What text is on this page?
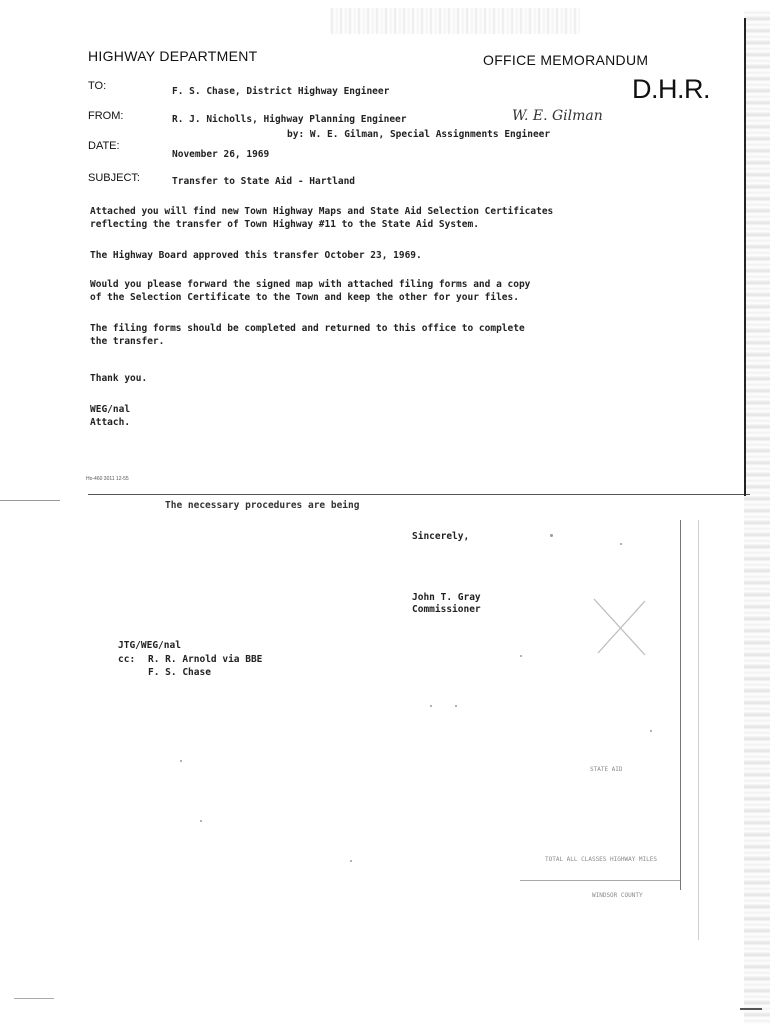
HIGHWAY DEPARTMENT	OFFICE MEMORANDUM
D.H.R.
TO:	F. S. Chase, District Highway Engineer
FROM:	R. J. Nicholls, Highway Planning Engineer	W. E. Gilman
by: W. E. Gilman, Special Assignments Engineer
DATE:
November 26, 1969
SUBJECT:	Transfer to State Aid - Hartland
Attached you will find new Town Highway Maps and State Aid Selection Certificates
reflecting the transfer of Town Highway #11 to the State Aid System.
The Highway Board approved this transfer October 23, 1969.
Would you please forward the signed map with attached filing forms and a copy
of the Selection Certificate to the Town and keep the other for your files.
The filing forms should be completed and returned to this office to complete
the transfer.
Thank you.
WEG/nal
Attach.
Ho-460 3011 12-55
The necessary procedures are being
Sincerely,
John T. Gray
Commissioner
JTG/WEG/nal
cc: R. R. Arnold via BBE
F. S. Chase
TOTAL ALL CLASSES HIGHWAY MILES
WINDSOR COUNTY
STATE AID
